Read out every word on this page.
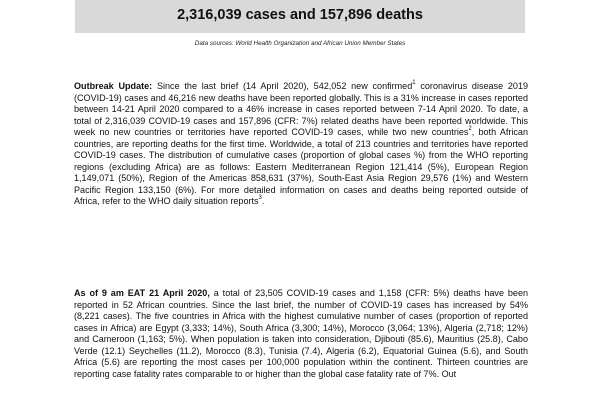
2,316,039 cases and 157,896 deaths
Data sources: World Health Organization and African Union Member States
Outbreak Update: Since the last brief (14 April 2020), 542,052 new confirmed$^1$ coronavirus disease 2019 (COVID-19) cases and 46,216 new deaths have been reported globally. This is a 31% increase in cases reported between 14-21 April 2020 compared to a 46% increase in cases reported between 7-14 April 2020. To date, a total of 2,316,039 COVID-19 cases and 157,896 (CFR: 7%) related deaths have been reported worldwide. This week no new countries or territories have reported COVID-19 cases, while two new countries$^2$, both African countries, are reporting deaths for the first time. Worldwide, a total of 213 countries and territories have reported COVID-19 cases. The distribution of cumulative cases (proportion of global cases %) from the WHO reporting regions (excluding Africa) are as follows: Eastern Mediterranean Region 121,414 (5%), European Region 1,149,071 (50%), Region of the Americas 858,631 (37%), South-East Asia Region 29,576 (1%) and Western Pacific Region 133,150 (6%). For more detailed information on cases and deaths being reported outside of Africa, refer to the WHO daily situation reports$^3$.
As of 9 am EAT 21 April 2020, a total of 23,505 COVID-19 cases and 1,158 (CFR: 5%) deaths have been reported in 52 African countries. Since the last brief, the number of COVID-19 cases has increased by 54% (8,221 cases). The five countries in Africa with the highest cumulative number of cases (proportion of reported cases in Africa) are Egypt (3,333; 14%), South Africa (3,300; 14%), Morocco (3,064; 13%), Algeria (2,718; 12%) and Cameroon (1,163; 5%). When population is taken into consideration, Djibouti (85.6), Mauritius (25.8), Cabo Verde (12.1) Seychelles (11.2), Morocco (8.3), Tunisia (7.4), Algeria (6.2), Equatorial Guinea (5.6), and South Africa (5.6) are reporting the most cases per 100,000 population within the continent. Thirteen countries are reporting case fatality rates comparable to or higher than the global case fatality rate of 7%. Out
